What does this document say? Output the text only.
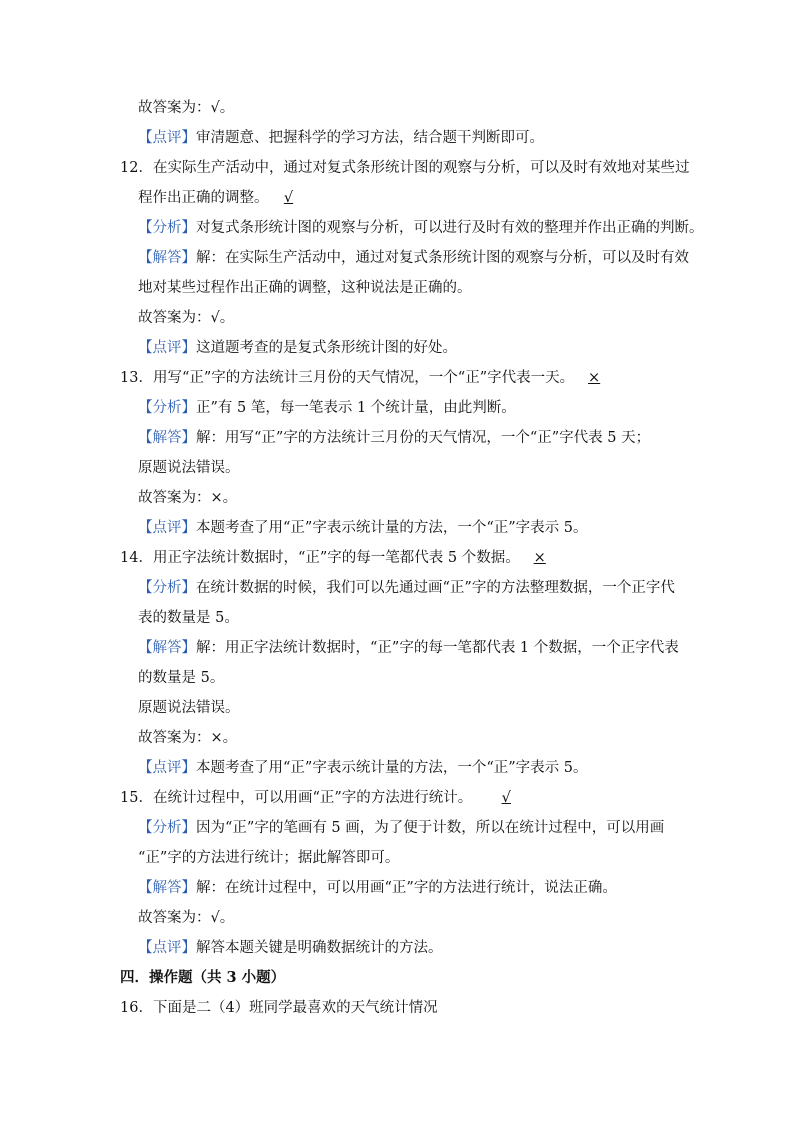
故答案为：√。
【点评】审清题意、把握科学的学习方法，结合题干判断即可。
12．在实际生产活动中，通过对复式条形统计图的观察与分析，可以及时有效地对某些过
程作出正确的调整。 √
【分析】对复式条形统计图的观察与分析，可以进行及时有效的整理并作出正确的判断。
【解答】解：在实际生产活动中，通过对复式条形统计图的观察与分析，可以及时有效
地对某些过程作出正确的调整，这种说法是正确的。
故答案为：√。
【点评】这道题考查的是复式条形统计图的好处。
13．用写“正”字的方法统计三月份的天气情况，一个“正”字代表一天。 ×
【分析】正”有 5 笔，每一笔表示 1 个统计量，由此判断。
【解答】解：用写“正”字的方法统计三月份的天气情况，一个“正”字代表 5 天；
原题说法错误。
故答案为：×。
【点评】本题考查了用“正”字表示统计量的方法，一个“正”字表示 5。
14．用正字法统计数据时，“正”字的每一笔都代表 5 个数据。 ×
【分析】在统计数据的时候，我们可以先通过画“正”字的方法整理数据，一个正字代
表的数量是 5。
【解答】解：用正字法统计数据时，“正”字的每一笔都代表 1 个数据，一个正字代表
的数量是 5。
原题说法错误。
故答案为：×。
【点评】本题考查了用“正”字表示统计量的方法，一个“正”字表示 5。
15．在统计过程中，可以用画“正”字的方法进行统计。 √
【分析】因为“正”字的笔画有 5 画，为了便于计数，所以在统计过程中，可以用画
“正”字的方法进行统计；据此解答即可。
【解答】解：在统计过程中，可以用画“正”字的方法进行统计，说法正确。
故答案为：√。
【点评】解答本题关键是明确数据统计的方法。
四．操作题（共 3 小题）
16．下面是二（4）班同学最喜欢的天气统计情况
